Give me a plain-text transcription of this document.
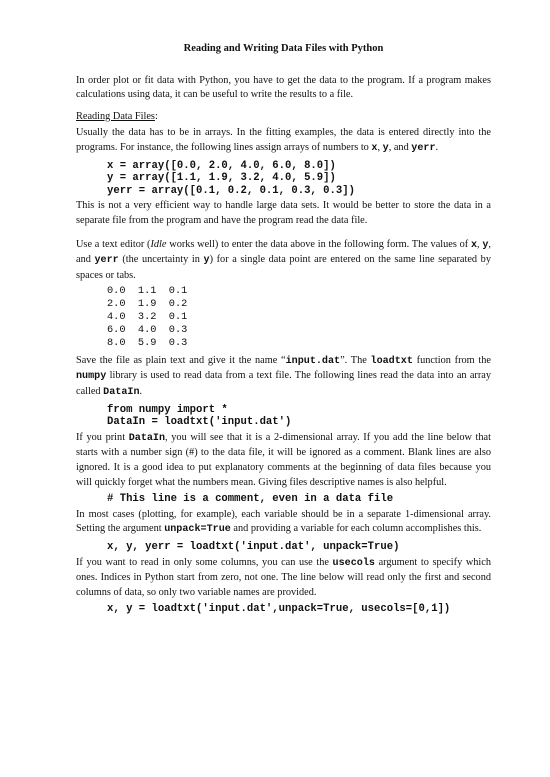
Reading and Writing Data Files with Python

In order plot or fit data with Python, you have to get the data to the program. If a program makes calculations using data, it can be useful to write the results to a file.

Reading Data Files:

Usually the data has to be in arrays. In the fitting examples, the data is entered directly into the programs. For instance, the following lines assign arrays of numbers to x, y, and yerr.

x = array([0.0, 2.0, 4.0, 6.0, 8.0])
y = array([1.1, 1.9, 3.2, 4.0, 5.9])
yerr = array([0.1, 0.2, 0.1, 0.3, 0.3])

This is not a very efficient way to handle large data sets. It would be better to store the data in a separate file from the program and have the program read the data file.

Use a text editor (Idle works well) to enter the data above in the following form. The values of x, y, and yerr (the uncertainty in y) for a single data point are entered on the same line separated by spaces or tabs.

0.0  1.1  0.1
2.0  1.9  0.2
4.0  3.2  0.1
6.0  4.0  0.3
8.0  5.9  0.3

Save the file as plain text and give it the name “input.dat”. The loadtxt function from the numpy library is used to read data from a text file. The following lines read the data into an array called DataIn.

from numpy import *
DataIn = loadtxt('input.dat')

If you print DataIn, you will see that it is a 2-dimensional array. If you add the line below that starts with a number sign (#) to the data file, it will be ignored as a comment. Blank lines are also ignored. It is a good idea to put explanatory comments at the beginning of data files because you will quickly forget what the numbers mean. Giving files descriptive names is also helpful.

# This line is a comment, even in a data file

In most cases (plotting, for example), each variable should be in a separate 1-dimensional array. Setting the argument unpack=True and providing a variable for each column accomplishes this.

x, y, yerr = loadtxt('input.dat', unpack=True)

If you want to read in only some columns, you can use the usecols argument to specify which ones. Indices in Python start from zero, not one. The line below will read only the first and second columns of data, so only two variable names are provided.

x, y = loadtxt('input.dat',unpack=True, usecols=[0,1])
